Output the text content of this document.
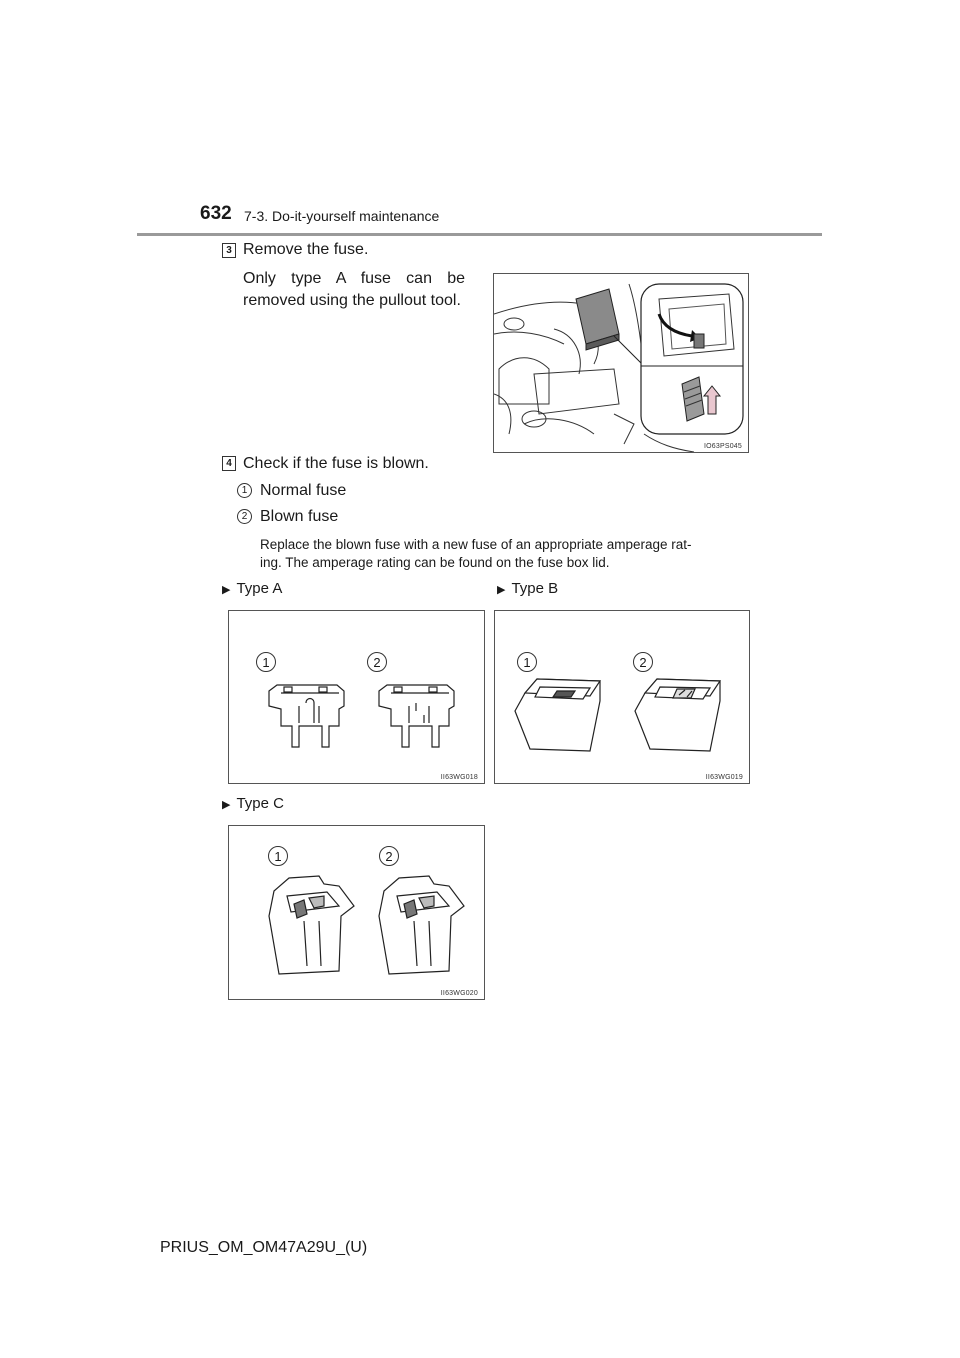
632 7-3. Do-it-yourself maintenance
3 Remove the fuse.
Only type A fuse can be
removed using the pullout tool.
IO63PS045
4 Check if the fuse is blown.
1 Normal fuse
2 Blown fuse
Replace the blown fuse with a new fuse of an appropriate amperage rat-
ing. The amperage rating can be found on the fuse box lid.
▶ Type A	▶ Type B
1	2
II63WG018
1	2
II63WG019
▶ Type C
1	2
II63WG020
PRIUS_OM_OM47A29U_(U)
